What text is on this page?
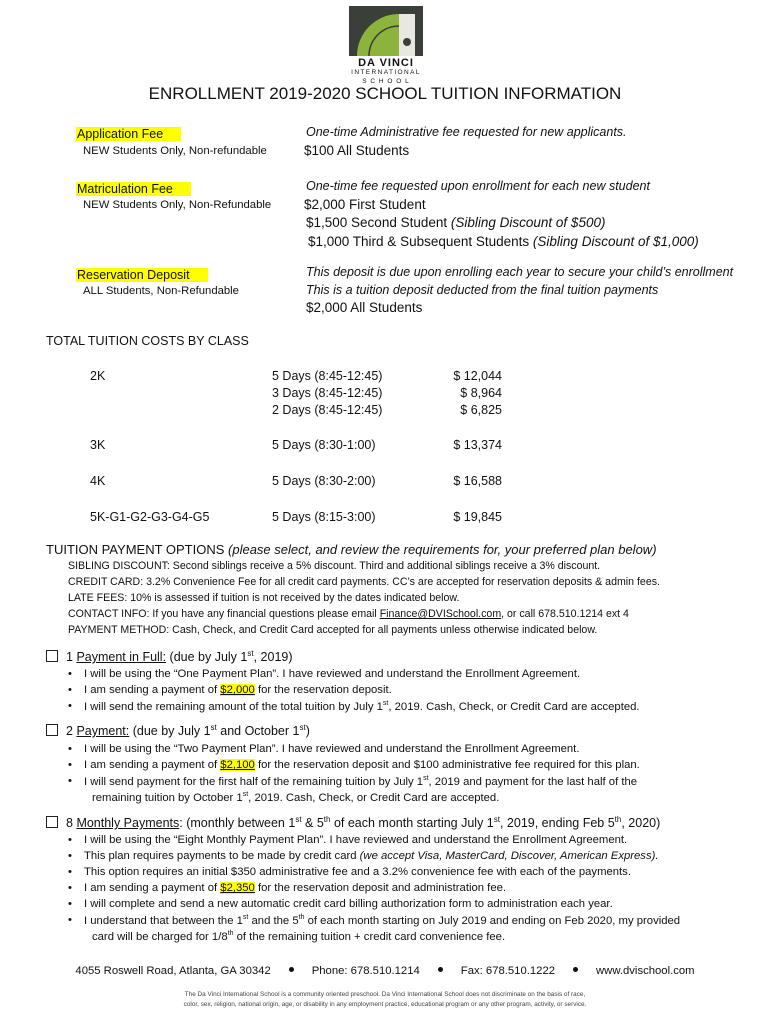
DA VINCI
INTERNATIONAL
S C H O O L
ENROLLMENT 2019-2020 SCHOOL TUITION INFORMATION
Application Fee
NEW Students Only, Non-refundable
One-time Administrative fee requested for new applicants.
$100 All Students
Matriculation Fee
NEW Students Only, Non-Refundable
One-time fee requested upon enrollment for each new student
$2,000 First Student
$1,500 Second Student (Sibling Discount of $500)
$1,000 Third & Subsequent Students (Sibling Discount of $1,000)
Reservation Deposit
ALL Students, Non-Refundable
This deposit is due upon enrolling each year to secure your child’s enrollment
This is a tuition deposit deducted from the final tuition payments
$2,000 All Students
TOTAL TUITION COSTS BY CLASS
2K	5 Days (8:45-12:45)	$ 12,044
3 Days (8:45-12:45)	$ 8,964
2 Days (8:45-12:45)	$ 6,825
3K	5 Days (8:30-1:00)	$ 13,374
4K	5 Days (8:30-2:00)	$ 16,588
5K-G1-G2-G3-G4-G5	5 Days (8:15-3:00)	$ 19,845
TUITION PAYMENT OPTIONS (please select, and review the requirements for, your preferred plan below)
SIBLING DISCOUNT: Second siblings receive a 5% discount. Third and additional siblings receive a 3% discount.
CREDIT CARD: 3.2% Convenience Fee for all credit card payments. CC’s are accepted for reservation deposits & admin fees.
LATE FEES: 10% is assessed if tuition is not received by the dates indicated below.
CONTACT INFO: If you have any financial questions please email Finance@DVISchool.com, or call 678.510.1214 ext 4
PAYMENT METHOD: Cash, Check, and Credit Card accepted for all payments unless otherwise indicated below.
1 Payment in Full: (due by July 1st, 2019)
• I will be using the “One Payment Plan”. I have reviewed and understand the Enrollment Agreement.
• I am sending a payment of $2,000 for the reservation deposit.
• I will send the remaining amount of the total tuition by July 1st, 2019. Cash, Check, or Credit Card are accepted.
2 Payment: (due by July 1st and October 1st)
• I will be using the “Two Payment Plan”. I have reviewed and understand the Enrollment Agreement.
• I am sending a payment of $2,100 for the reservation deposit and $100 administrative fee required for this plan.
• I will send payment for the first half of the remaining tuition by July 1st, 2019 and payment for the last half of the
remaining tuition by October 1st, 2019. Cash, Check, or Credit Card are accepted.
8 Monthly Payments: (monthly between 1st & 5th of each month starting July 1st, 2019, ending Feb 5th, 2020)
• I will be using the “Eight Monthly Payment Plan”. I have reviewed and understand the Enrollment Agreement.
• This plan requires payments to be made by credit card (we accept Visa, MasterCard, Discover, American Express).
• This option requires an initial $350 administrative fee and a 3.2% convenience fee with each of the payments.
• I am sending a payment of $2,350 for the reservation deposit and administration fee.
• I will complete and send a new automatic credit card billing authorization form to administration each year.
• I understand that between the 1st and the 5th of each month starting on July 2019 and ending on Feb 2020, my provided
card will be charged for 1/8th of the remaining tuition + credit card convenience fee.
4055 Roswell Road, Atlanta, GA 30342	Phone: 678.510.1214	Fax: 678.510.1222	www.dvischool.com
The Da Vinci International School is a community oriented preschool. Da Vinci International School does not discriminate on the basis of race,
color, sex, religion, national origin, age, or disability in any employment practice, educational program or any other program, activity, or service.
